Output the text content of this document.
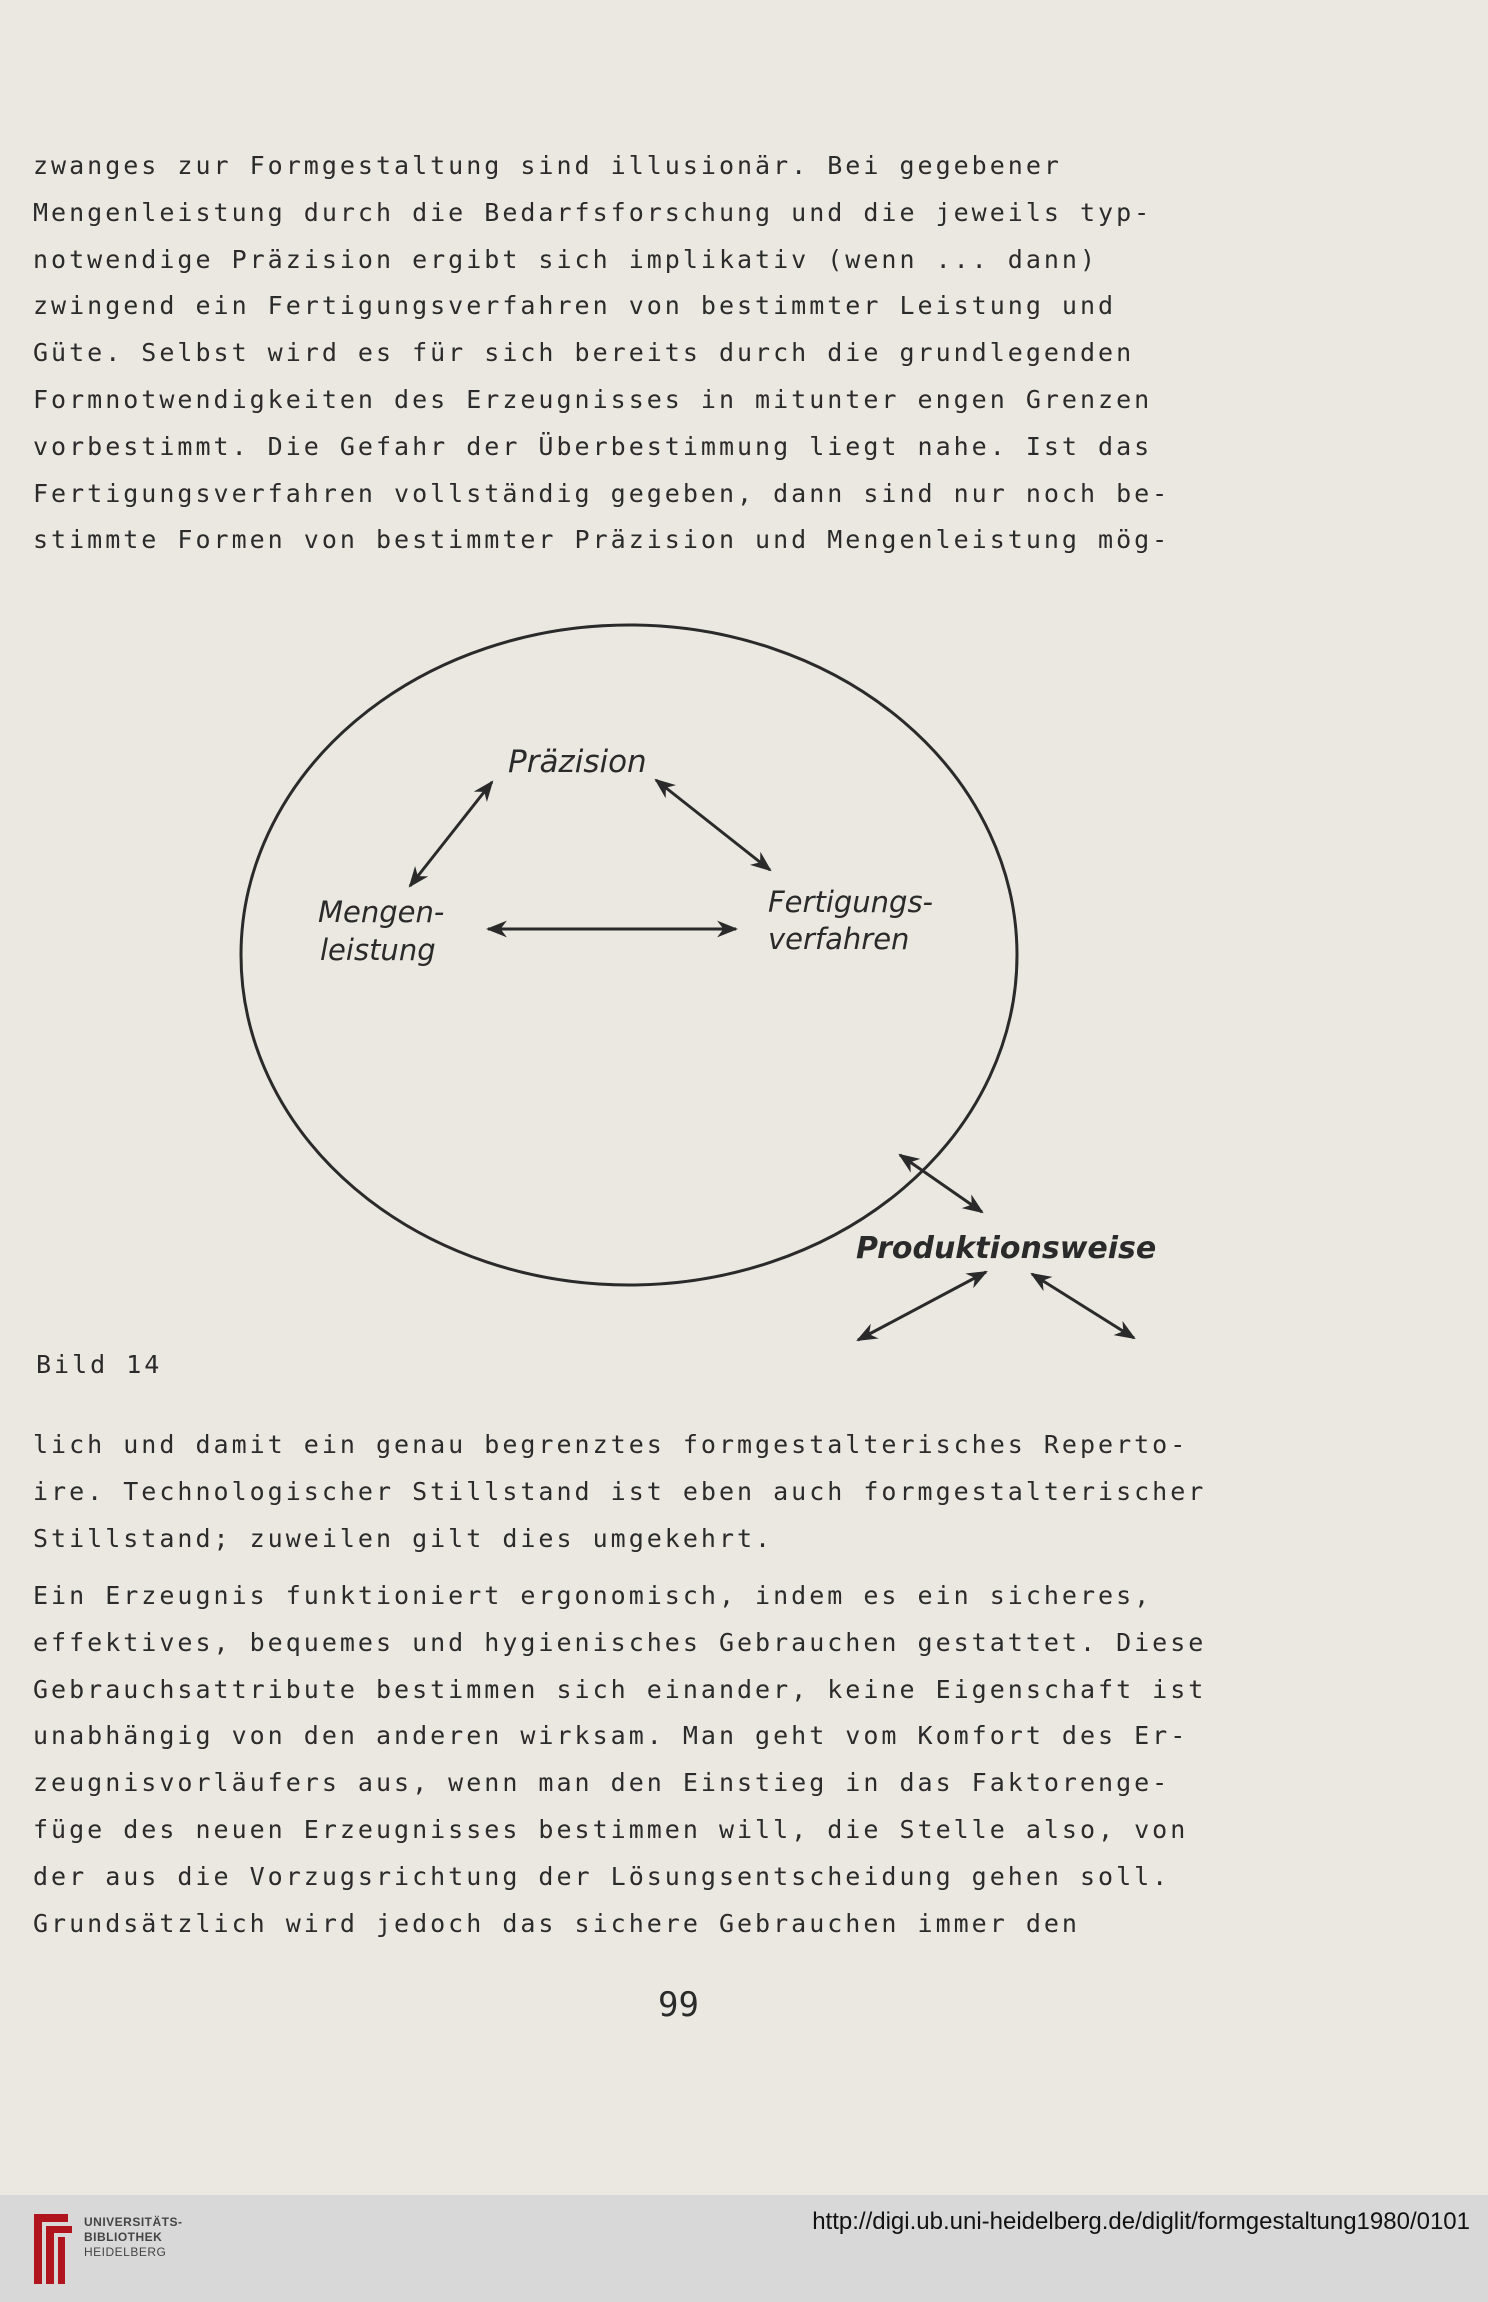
zwanges zur Formgestaltung sind illusionär. Bei gegebener
Mengenleistung durch die Bedarfsforschung und die jeweils typ-
notwendige Präzision ergibt sich implikativ (wenn ... dann)
zwingend ein Fertigungsverfahren von bestimmter Leistung und
Güte. Selbst wird es für sich bereits durch die grundlegenden
Formnotwendigkeiten des Erzeugnisses in mitunter engen Grenzen
vorbestimmt. Die Gefahr der Überbestimmung liegt nahe. Ist das
Fertigungsverfahren vollständig gegeben, dann sind nur noch be-
stimmte Formen von bestimmter Präzision und Mengenleistung mög-

Präzision
Mengen- leistung
Fertigungs- verfahren
Produktionsweise
Bild 14

lich und damit ein genau begrenztes formgestalterisches Reperto-
ire. Technologischer Stillstand ist eben auch formgestalterischer
Stillstand; zuweilen gilt dies umgekehrt.

Ein Erzeugnis funktioniert ergonomisch, indem es ein sicheres,
effektives, bequemes und hygienisches Gebrauchen gestattet. Diese
Gebrauchsattribute bestimmen sich einander, keine Eigenschaft ist
unabhängig von den anderen wirksam. Man geht vom Komfort des Er-
zeugnisvorläufers aus, wenn man den Einstieg in das Faktorenge-
füge des neuen Erzeugnisses bestimmen will, die Stelle also, von
der aus die Vorzugsrichtung der Lösungsentscheidung gehen soll.
Grundsätzlich wird jedoch das sichere Gebrauchen immer den

99
UNIVERSITÄTS-
BIBLIOTHEK
HEIDELBERG
http://digi.ub.uni-heidelberg.de/diglit/formgestaltung1980/0101
